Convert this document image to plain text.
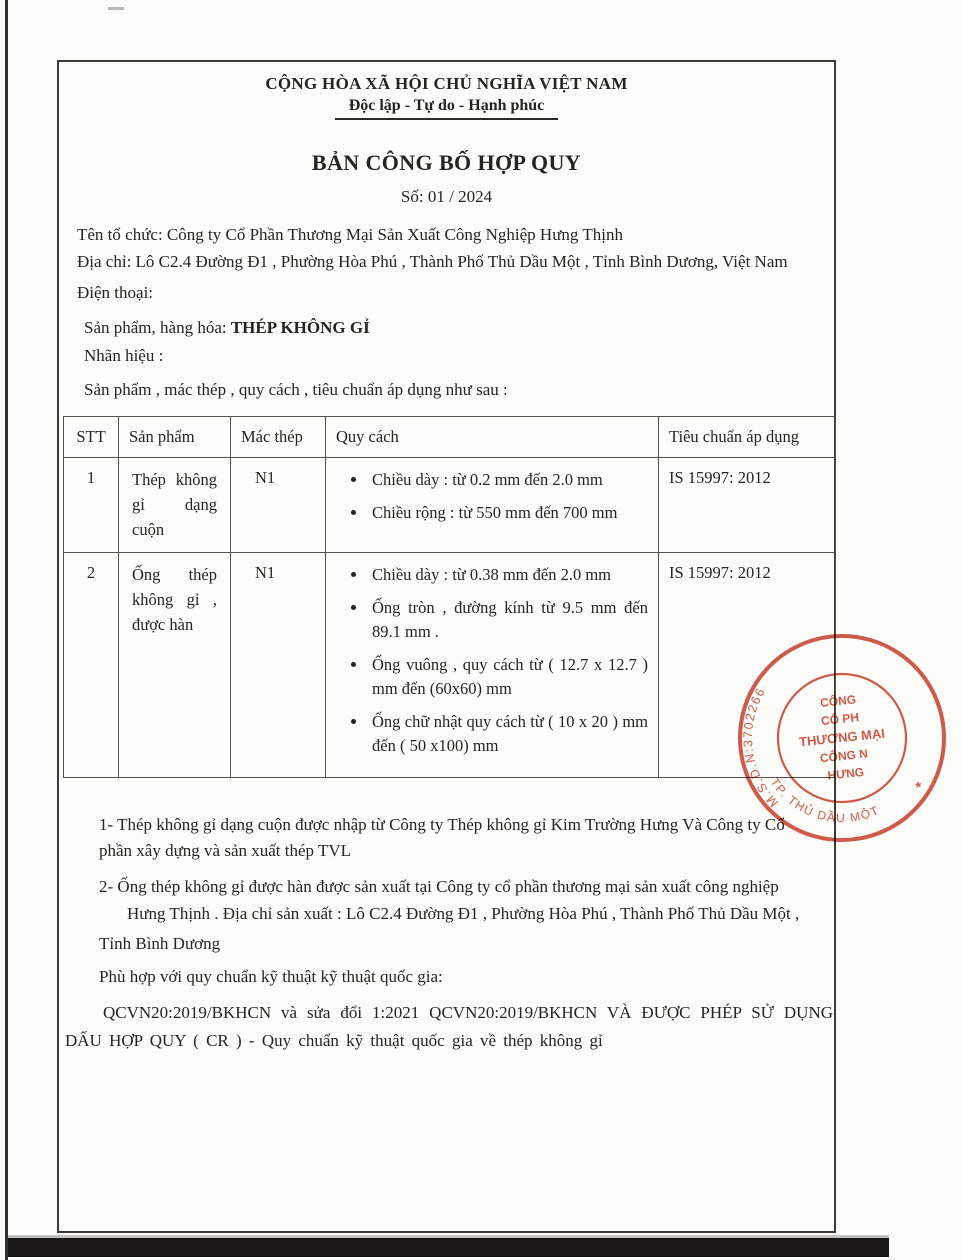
CỘNG HÒA XÃ HỘI CHỦ NGHĨA VIỆT NAM
Độc lập - Tự do - Hạnh phúc
BẢN CÔNG BỐ HỢP QUY
Số: 01 / 2024

Tên tổ chức: Công ty Cổ Phần Thương Mại Sản Xuất Công Nghiệp Hưng Thịnh

Địa chỉ: Lô C2.4 Đường Đ1 , Phường Hòa Phú , Thành Phố Thủ Dầu Một , Tỉnh Bình Dương, Việt Nam

Điện thoại:

Sản phẩm, hàng hóa: THÉP KHÔNG GỈ

Nhãn hiệu :

Sản phẩm , mác thép , quy cách , tiêu chuẩn áp dụng như sau :

STT	Sản phẩm	Mác thép	Quy cách	Tiêu chuẩn áp dụng
1	Thép không gỉ dạng cuộn	N1	
•Chiều dày : từ 0.2 mm đến 2.0 mm
• Chiều rộng : từ 550 mm đến 700 mm
	IS 15997: 2012
2	Ống thép không gỉ , được hàn	N1	
•Chiều dày : từ 0.38 mm đến 2.0 mm
• Ống tròn , đường kính từ 9.5 mm đến 89.1 mm .
• Ống vuông , quy cách từ ( 12.7 x 12.7 ) mm đến (60x60) mm
• Ống chữ nhật quy cách từ ( 10 x 20 ) mm đến ( 50 x100) mm
	IS 15997: 2012

1- Thép không gỉ dạng cuộn được nhập từ Công ty Thép không gỉ Kim Trường Hưng Và Công ty Cổ phần xây dựng và sản xuất thép TVL

2- Ống thép không gỉ được hàn được sản xuất tại Công ty cổ phần thương mại sản xuất công nghiệp Hưng Thịnh . Địa chỉ sản xuất : Lô C2.4 Đường Đ1 , Phường Hòa Phú , Thành Phố Thủ Dầu Một ,

Tỉnh Bình Dương

Phù hợp với quy chuẩn kỹ thuật kỹ thuật quốc gia:

QCVN20:2019/BKHCN và sửa đổi 1:2021 QCVN20:2019/BKHCN VÀ ĐƯỢC PHÉP SỬ DỤNG DẤU HỢP QUY ( CR ) - Quy chuẩn kỹ thuật quốc gia về thép không gỉ

M.S.D.N:3702266
TP. THỦ DẦU MỘT
*
CÔNG
CỔ PH
THƯƠNG MẠI
CÔNG N
HƯNG
